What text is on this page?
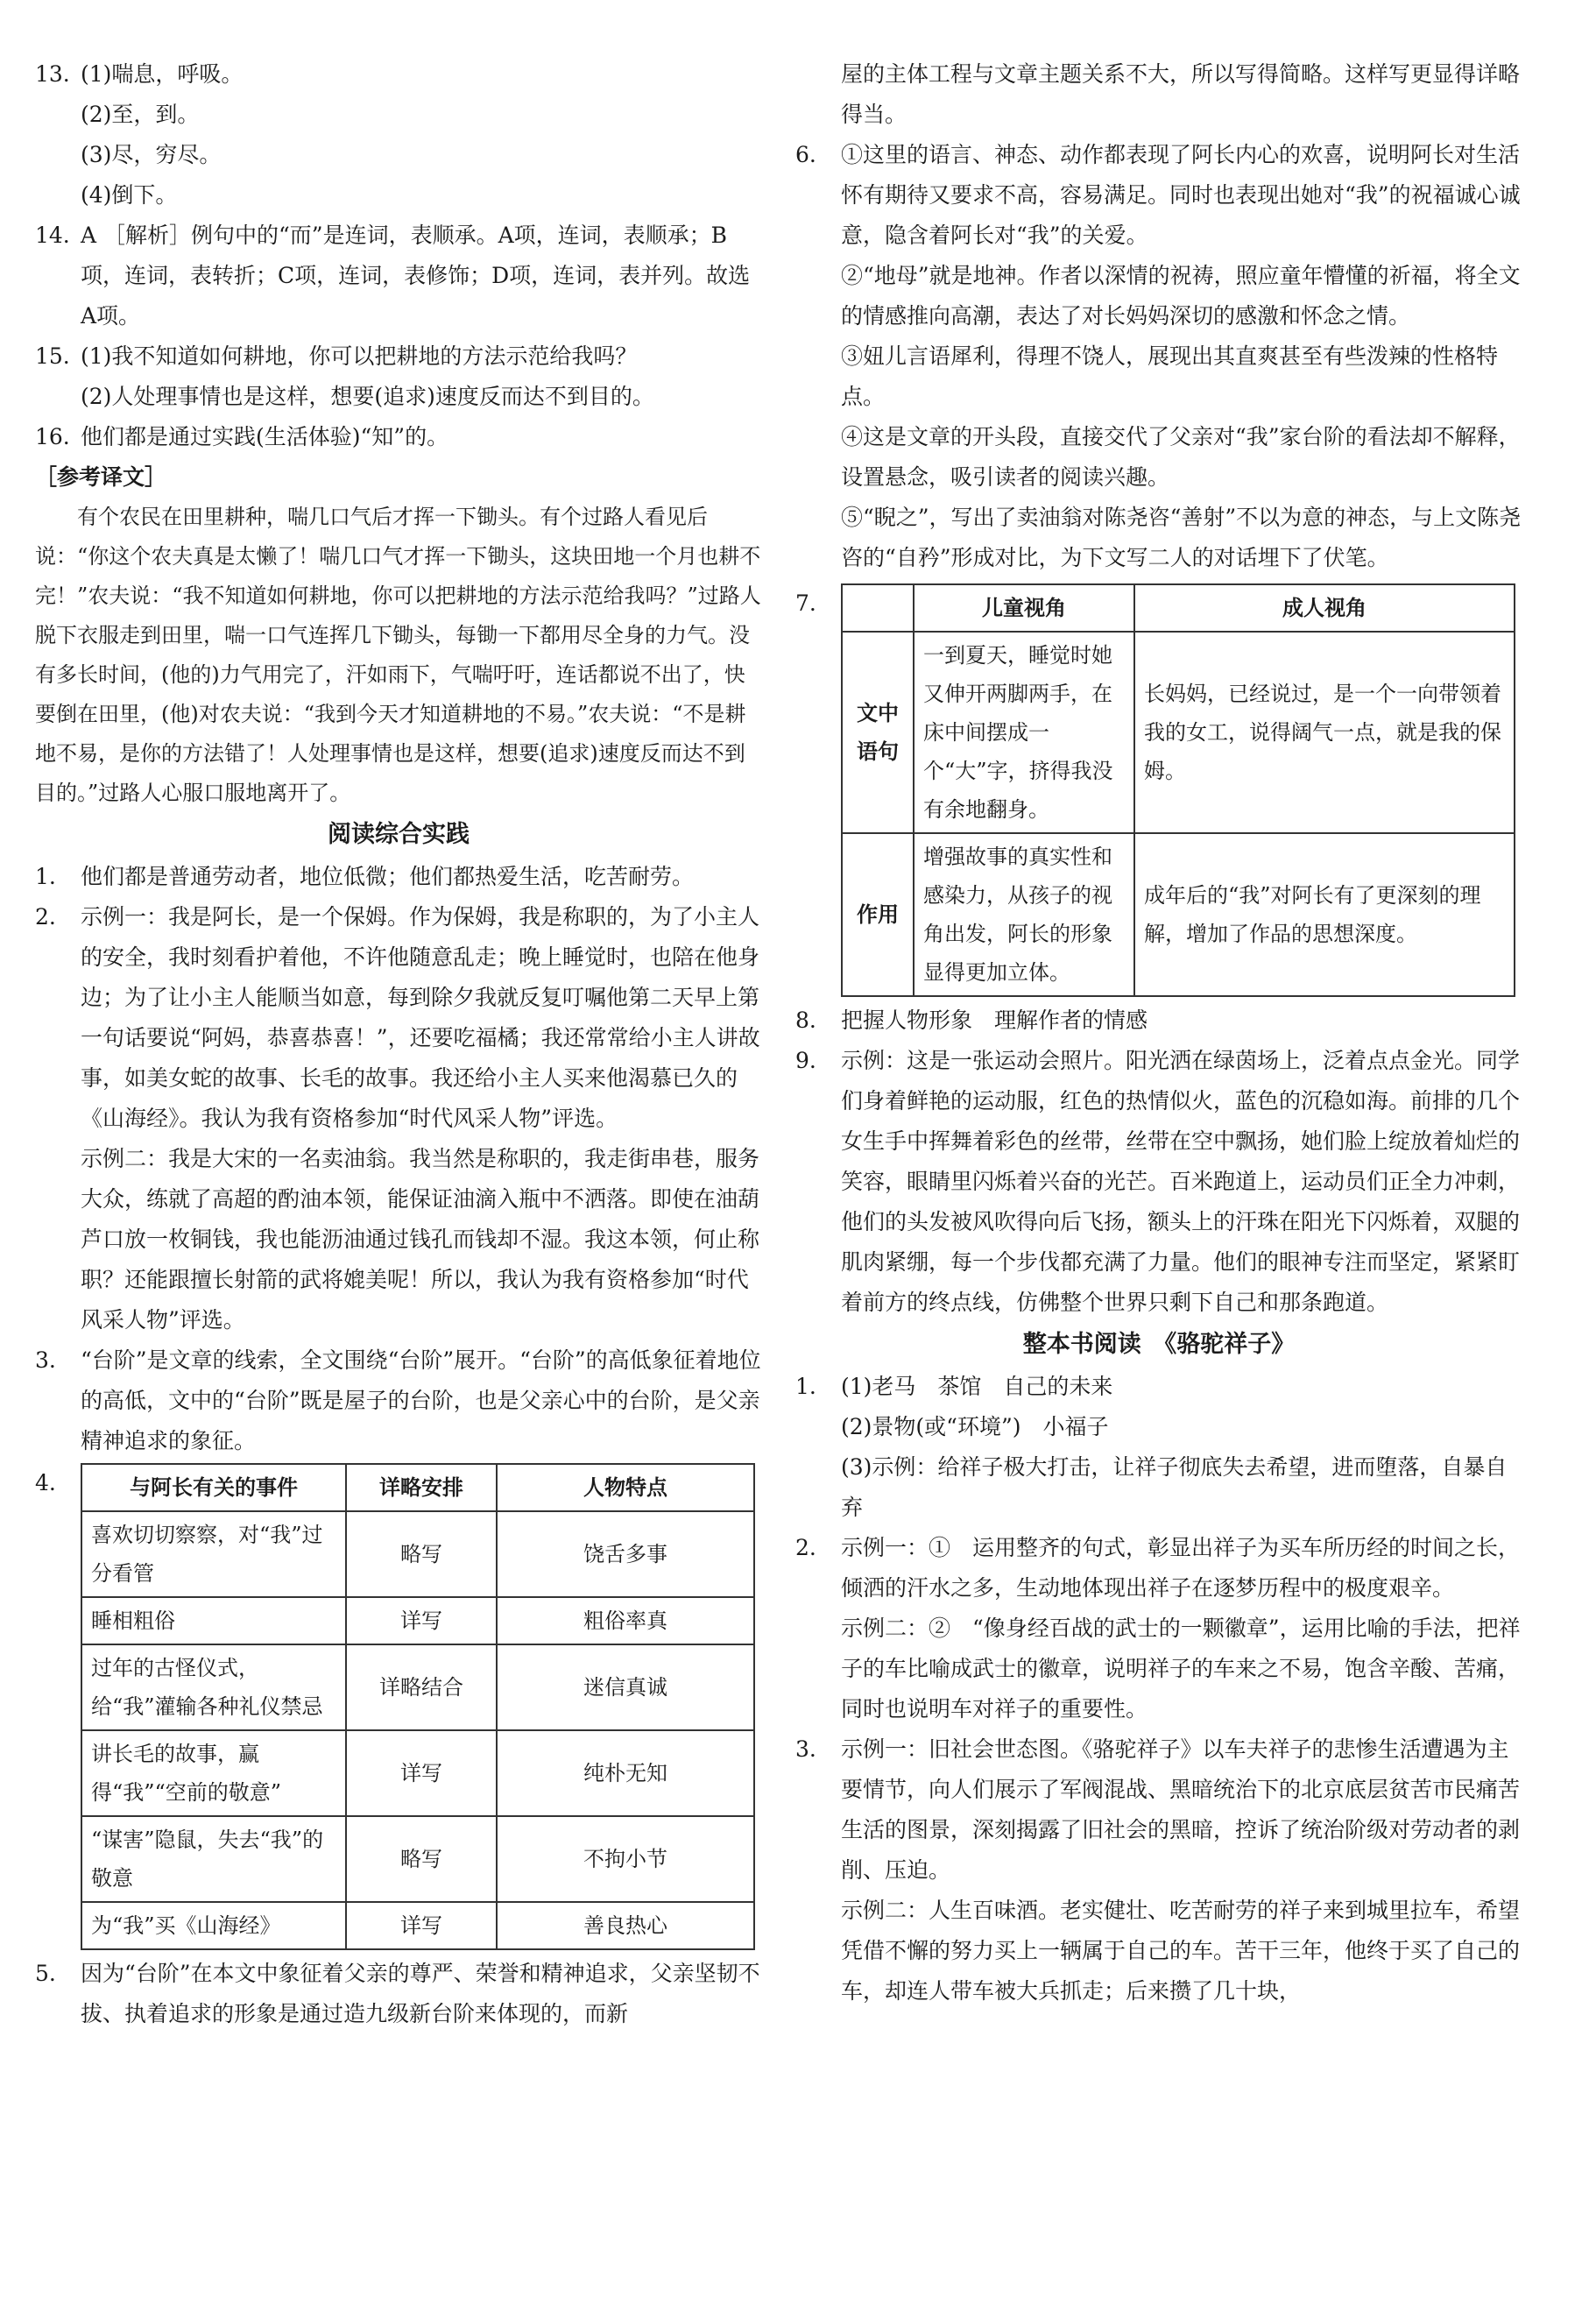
13. (1)喘息，呼吸。

(2)至，到。

(3)尽，穷尽。

(4)倒下。

14. A ［解析］例句中的“而”是连词，表顺承。A项，连词，表顺承；B项，连词，表转折；C项，连词，表修饰；D项，连词，表并列。故选A项。

15. (1)我不知道如何耕地，你可以把耕地的方法示范给我吗？

(2)人处理事情也是这样，想要(追求)速度反而达不到目的。

16. 他们都是通过实践(生活体验)“知”的。

［参考译文］

有个农民在田里耕种，喘几口气后才挥一下锄头。有个过路人看见后说：“你这个农夫真是太懒了！喘几口气才挥一下锄头，这块田地一个月也耕不完！”农夫说：“我不知道如何耕地，你可以把耕地的方法示范给我吗？”过路人脱下衣服走到田里，喘一口气连挥几下锄头，每锄一下都用尽全身的力气。没有多长时间，(他的)力气用完了，汗如雨下，气喘吁吁，连话都说不出了，快要倒在田里，(他)对农夫说：“我到今天才知道耕地的不易。”农夫说：“不是耕地不易，是你的方法错了！人处理事情也是这样，想要(追求)速度反而达不到目的。”过路人心服口服地离开了。

阅读综合实践

1. 他们都是普通劳动者，地位低微；他们都热爱生活，吃苦耐劳。

2. 示例一：我是阿长，是一个保姆。作为保姆，我是称职的，为了小主人的安全，我时刻看护着他，不许他随意乱走；晚上睡觉时，也陪在他身边；为了让小主人能顺当如意，每到除夕我就反复叮嘱他第二天早上第一句话要说“阿妈，恭喜恭喜！”，还要吃福橘；我还常常给小主人讲故事，如美女蛇的故事、长毛的故事。我还给小主人买来他渴慕已久的《山海经》。我认为我有资格参加“时代风采人物”评选。

示例二：我是大宋的一名卖油翁。我当然是称职的，我走街串巷，服务大众，练就了高超的酌油本领，能保证油滴入瓶中不洒落。即使在油葫芦口放一枚铜钱，我也能沥油通过钱孔而钱却不湿。我这本领，何止称职？还能跟擅长射箭的武将媲美呢！所以，我认为我有资格参加“时代风采人物”评选。

3. “台阶”是文章的线索，全文围绕“台阶”展开。“台阶”的高低象征着地位的高低，文中的“台阶”既是屋子的台阶，也是父亲心中的台阶，是父亲精神追求的象征。

4.	与阿长有关的事件	详略安排	人物特点
喜欢切切察察，对“我”过分看管	略写	饶舌多事
睡相粗俗	详写	粗俗率真
过年的古怪仪式，给“我”灌输各种礼仪禁忌	详略结合	迷信真诚
讲长毛的故事，赢得“我”“空前的敬意”	详写	纯朴无知
“谋害”隐鼠，失去“我”的敬意	略写	不拘小节
为“我”买《山海经》	详写	善良热心
5. 因为“台阶”在本文中象征着父亲的尊严、荣誉和精神追求，父亲坚韧不拔、执着追求的形象是通过造九级新台阶来体现的，而新

屋的主体工程与文章主题关系不大，所以写得简略。这样写更显得详略得当。

6. ①这里的语言、神态、动作都表现了阿长内心的欢喜，说明阿长对生活怀有期待又要求不高，容易满足。同时也表现出她对“我”的祝福诚心诚意，隐含着阿长对“我”的关爱。

②“地母”就是地神。作者以深情的祝祷，照应童年懵懂的祈福，将全文的情感推向高潮，表达了对长妈妈深切的感激和怀念之情。

③妞儿言语犀利，得理不饶人，展现出其直爽甚至有些泼辣的性格特点。

④这是文章的开头段，直接交代了父亲对“我”家台阶的看法却不解释，设置悬念，吸引读者的阅读兴趣。

⑤“睨之”，写出了卖油翁对陈尧咨“善射”不以为意的神态，与上文陈尧咨的“自矜”形成对比，为下文写二人的对话埋下了伏笔。

7.
		儿童视角	成人视角
文中语句	一到夏天，睡觉时她又伸开两脚两手，在床中间摆成一个“大”字，挤得我没有余地翻身。	长妈妈，已经说过，是一个一向带领着我的女工，说得阔气一点，就是我的保姆。
作用	增强故事的真实性和感染力，从孩子的视角出发，阿长的形象显得更加立体。	成年后的“我”对阿长有了更深刻的理解，增加了作品的思想深度。
8. 把握人物形象　理解作者的情感

9. 示例：这是一张运动会照片。阳光洒在绿茵场上，泛着点点金光。同学们身着鲜艳的运动服，红色的热情似火，蓝色的沉稳如海。前排的几个女生手中挥舞着彩色的丝带，丝带在空中飘扬，她们脸上绽放着灿烂的笑容，眼睛里闪烁着兴奋的光芒。百米跑道上，运动员们正全力冲刺，他们的头发被风吹得向后飞扬，额头上的汗珠在阳光下闪烁着，双腿的肌肉紧绷，每一个步伐都充满了力量。他们的眼神专注而坚定，紧紧盯着前方的终点线，仿佛整个世界只剩下自己和那条跑道。

整本书阅读　《骆驼祥子》

1. (1)老马　茶馆　自己的未来

(2)景物(或“环境”)　小福子

(3)示例：给祥子极大打击，让祥子彻底失去希望，进而堕落，自暴自弃

2. 示例一：①　运用整齐的句式，彰显出祥子为买车所历经的时间之长，倾洒的汗水之多，生动地体现出祥子在逐梦历程中的极度艰辛。

示例二：②　“像身经百战的武士的一颗徽章”，运用比喻的手法，把祥子的车比喻成武士的徽章，说明祥子的车来之不易，饱含辛酸、苦痛，同时也说明车对祥子的重要性。

3. 示例一：旧社会世态图。《骆驼祥子》以车夫祥子的悲惨生活遭遇为主要情节，向人们展示了军阀混战、黑暗统治下的北京底层贫苦市民痛苦生活的图景，深刻揭露了旧社会的黑暗，控诉了统治阶级对劳动者的剥削、压迫。

示例二：人生百味酒。老实健壮、吃苦耐劳的祥子来到城里拉车，希望凭借不懈的努力买上一辆属于自己的车。苦干三年，他终于买了自己的车，却连人带车被大兵抓走；后来攒了几十块，
